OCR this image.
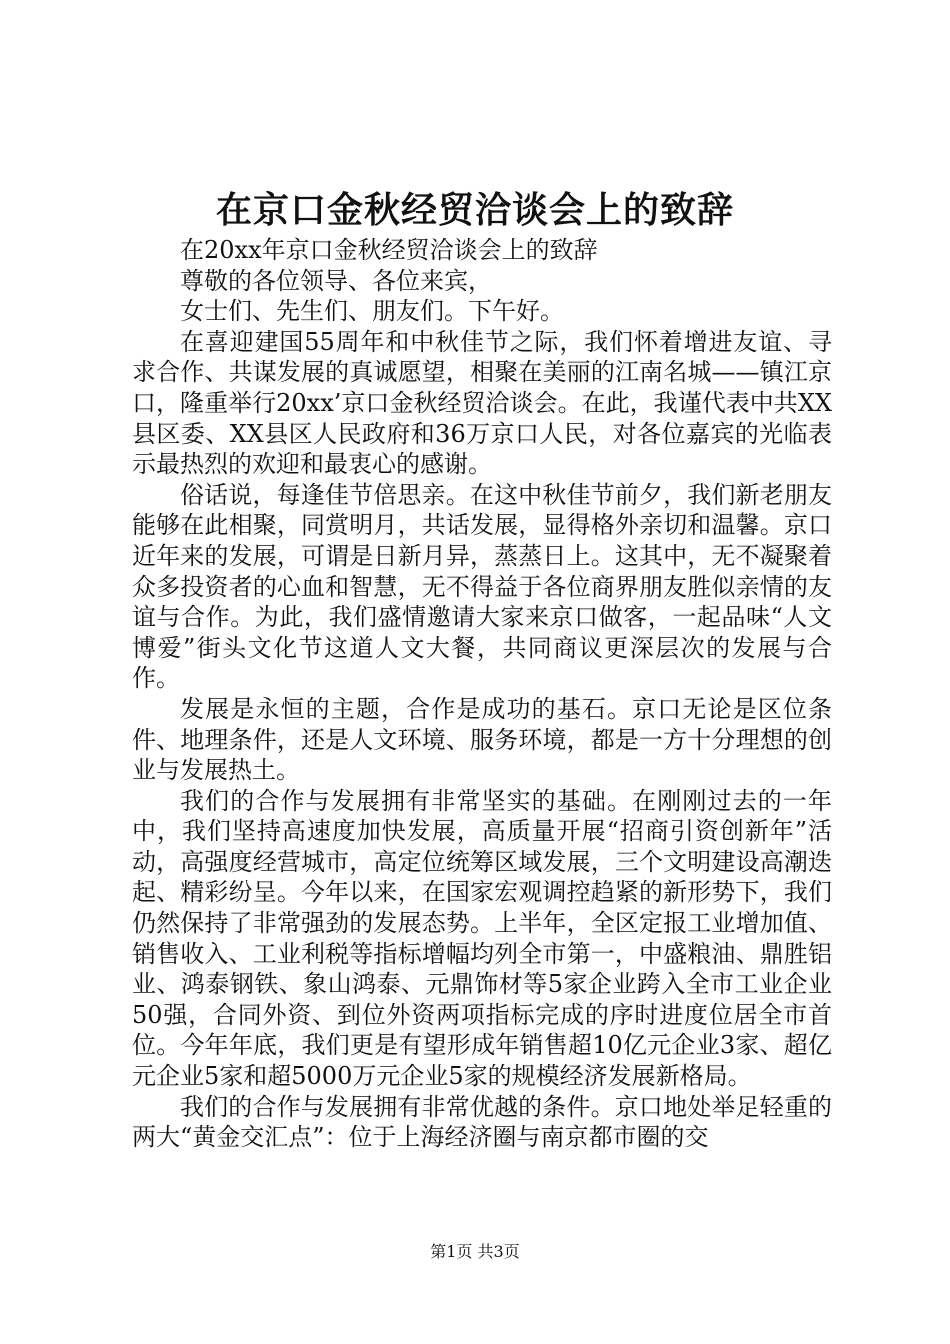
在京口金秋经贸洽谈会上的致辞

在20xx年京口金秋经贸洽谈会上的致辞

尊敬的各位领导、各位来宾，

女士们、先生们、朋友们。下午好。

在喜迎建国55周年和中秋佳节之际，我们怀着增进友谊、寻求合作、共谋发展的真诚愿望，相聚在美丽的江南名城——镇江京口，隆重举行20xx’京口金秋经贸洽谈会。在此，我谨代表中共XX县区委、XX县区人民政府和36万京口人民，对各位嘉宾的光临表示最热烈的欢迎和最衷心的感谢。

俗话说，每逢佳节倍思亲。在这中秋佳节前夕，我们新老朋友能够在此相聚，同赏明月，共话发展，显得格外亲切和温馨。京口近年来的发展，可谓是日新月异，蒸蒸日上。这其中，无不凝聚着众多投资者的心血和智慧，无不得益于各位商界朋友胜似亲情的友谊与合作。为此，我们盛情邀请大家来京口做客，一起品味“人文博爱”街头文化节这道人文大餐，共同商议更深层次的发展与合作。

发展是永恒的主题，合作是成功的基石。京口无论是区位条件、地理条件，还是人文环境、服务环境，都是一方十分理想的创业与发展热土。

我们的合作与发展拥有非常坚实的基础。在刚刚过去的一年中，我们坚持高速度加快发展，高质量开展“招商引资创新年”活动，高强度经营城市，高定位统筹区域发展，三个文明建设高潮迭起、精彩纷呈。今年以来，在国家宏观调控趋紧的新形势下，我们仍然保持了非常强劲的发展态势。上半年，全区定报工业增加值、销售收入、工业利税等指标增幅均列全市第一，中盛粮油、鼎胜铝业、鸿泰钢铁、象山鸿泰、元鼎饰材等5家企业跨入全市工业企业50强，合同外资、到位外资两项指标完成的序时进度位居全市首位。今年年底，我们更是有望形成年销售超10亿元企业3家、超亿元企业5家和超5000万元企业5家的规模经济发展新格局。

我们的合作与发展拥有非常优越的条件。京口地处举足轻重的两大“黄金交汇点”：位于上海经济圈与南京都市圈的交

第1页 共3页
